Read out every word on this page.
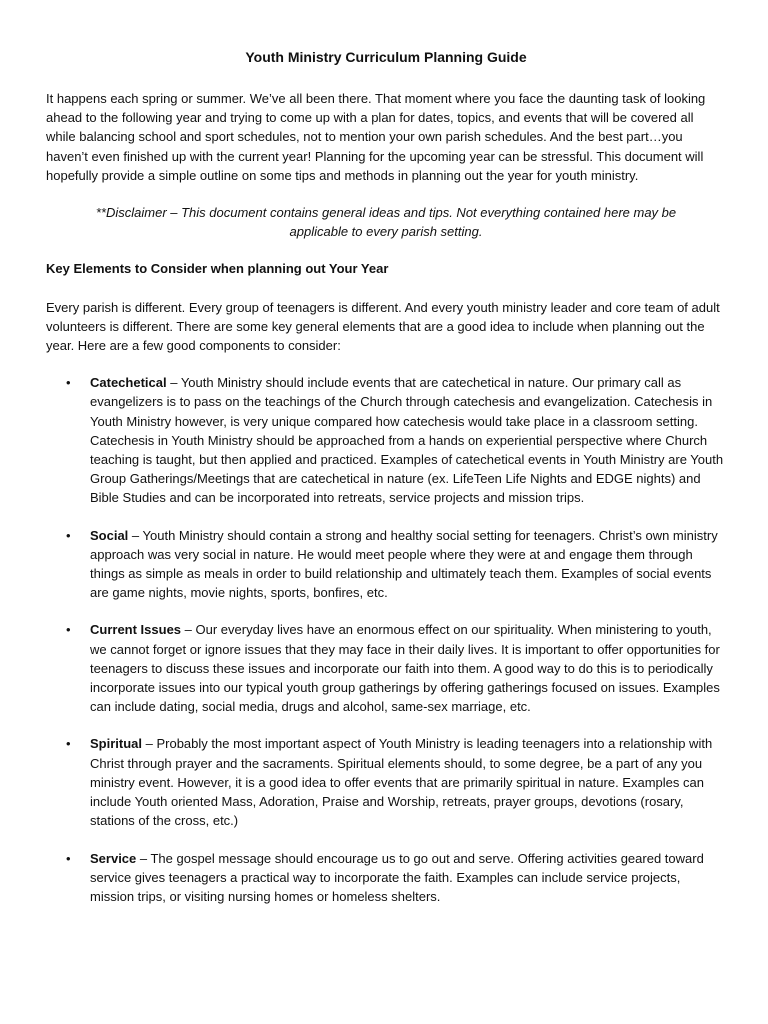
Youth Ministry Curriculum Planning Guide

It happens each spring or summer. We’ve all been there. That moment where you face the daunting task of looking ahead to the following year and trying to come up with a plan for dates, topics, and events that will be covered all while balancing school and sport schedules, not to mention your own parish schedules. And the best part…you haven’t even finished up with the current year! Planning for the upcoming year can be stressful. This document will hopefully provide a simple outline on some tips and methods in planning out the year for youth ministry.

**Disclaimer – This document contains general ideas and tips. Not everything contained here may be applicable to every parish setting.

Key Elements to Consider when planning out Your Year

Every parish is different. Every group of teenagers is different. And every youth ministry leader and core team of adult volunteers is different. There are some key general elements that are a good idea to include when planning out the year. Here are a few good components to consider:

• Catechetical – Youth Ministry should include events that are catechetical in nature. Our primary call as evangelizers is to pass on the teachings of the Church through catechesis and evangelization. Catechesis in Youth Ministry however, is very unique compared how catechesis would take place in a classroom setting. Catechesis in Youth Ministry should be approached from a hands on experiential perspective where Church teaching is taught, but then applied and practiced. Examples of catechetical events in Youth Ministry are Youth Group Gatherings/Meetings that are catechetical in nature (ex. LifeTeen Life Nights and EDGE nights) and Bible Studies and can be incorporated into retreats, service projects and mission trips.
• Social – Youth Ministry should contain a strong and healthy social setting for teenagers. Christ’s own ministry approach was very social in nature. He would meet people where they were at and engage them through things as simple as meals in order to build relationship and ultimately teach them. Examples of social events are game nights, movie nights, sports, bonfires, etc.
• Current Issues – Our everyday lives have an enormous effect on our spirituality. When ministering to youth, we cannot forget or ignore issues that they may face in their daily lives. It is important to offer opportunities for teenagers to discuss these issues and incorporate our faith into them. A good way to do this is to periodically incorporate issues into our typical youth group gatherings by offering gatherings focused on issues. Examples can include dating, social media, drugs and alcohol, same-sex marriage, etc.
• Spiritual – Probably the most important aspect of Youth Ministry is leading teenagers into a relationship with Christ through prayer and the sacraments. Spiritual elements should, to some degree, be a part of any you ministry event. However, it is a good idea to offer events that are primarily spiritual in nature. Examples can include Youth oriented Mass, Adoration, Praise and Worship, retreats, prayer groups, devotions (rosary, stations of the cross, etc.)
• Service – The gospel message should encourage us to go out and serve. Offering activities geared toward service gives teenagers a practical way to incorporate the faith. Examples can include service projects, mission trips, or visiting nursing homes or homeless shelters.
